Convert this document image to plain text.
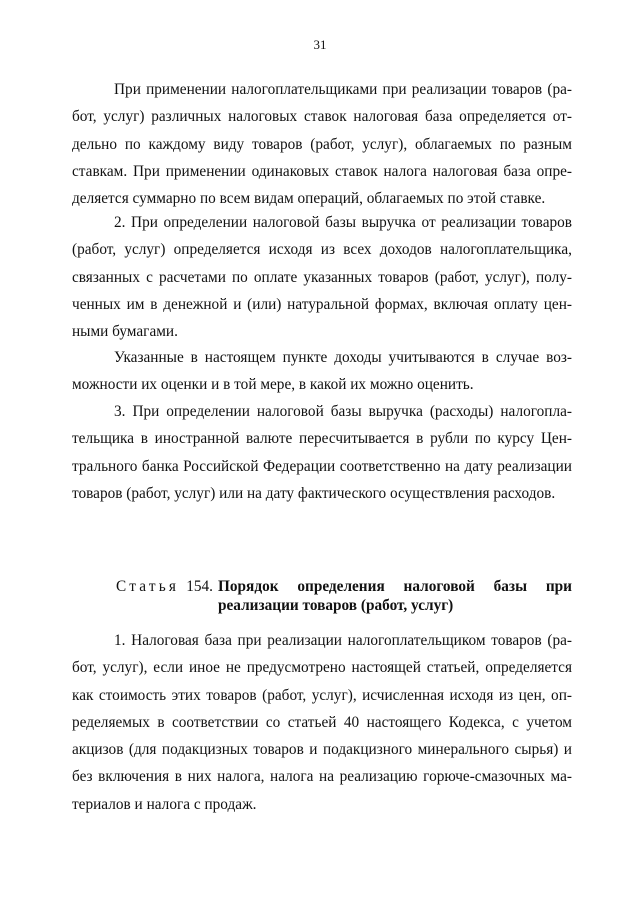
31

При применении налогоплательщиками при реализации товаров (работ, услуг) различных налоговых ставок налоговая база определяется отдельно по каждому виду товаров (работ, услуг), облагаемых по разным ставкам. При применении одинаковых ставок налога налоговая база определяется суммарно по всем видам операций, облагаемых по этой ставке.

2. При определении налоговой базы выручка от реализации товаров (работ, услуг) определяется исходя из всех доходов налогоплательщика, связанных с расчетами по оплате указанных товаров (работ, услуг), полученных им в денежной и (или) натуральной формах, включая оплату ценными бумагами.

Указанные в настоящем пункте доходы учитываются в случае возможности их оценки и в той мере, в какой их можно оценить.

3. При определении налоговой базы выручка (расходы) налогоплательщика в иностранной валюте пересчитывается в рубли по курсу Центрального банка Российской Федерации соответственно на дату реализации товаров (работ, услуг) или на дату фактического осуществления расходов.

Статья 154. Порядок определения налоговой базы при
реализации товаров (работ, услуг)

1. Налоговая база при реализации налогоплательщиком товаров (работ, услуг), если иное не предусмотрено настоящей статьей, определяется как стоимость этих товаров (работ, услуг), исчисленная исходя из цен, определяемых в соответствии со статьей 40 настоящего Кодекса, с учетом акцизов (для подакцизных товаров и подакцизного минерального сырья) и без включения в них налога, налога на реализацию горюче-смазочных материалов и налога с продаж.
